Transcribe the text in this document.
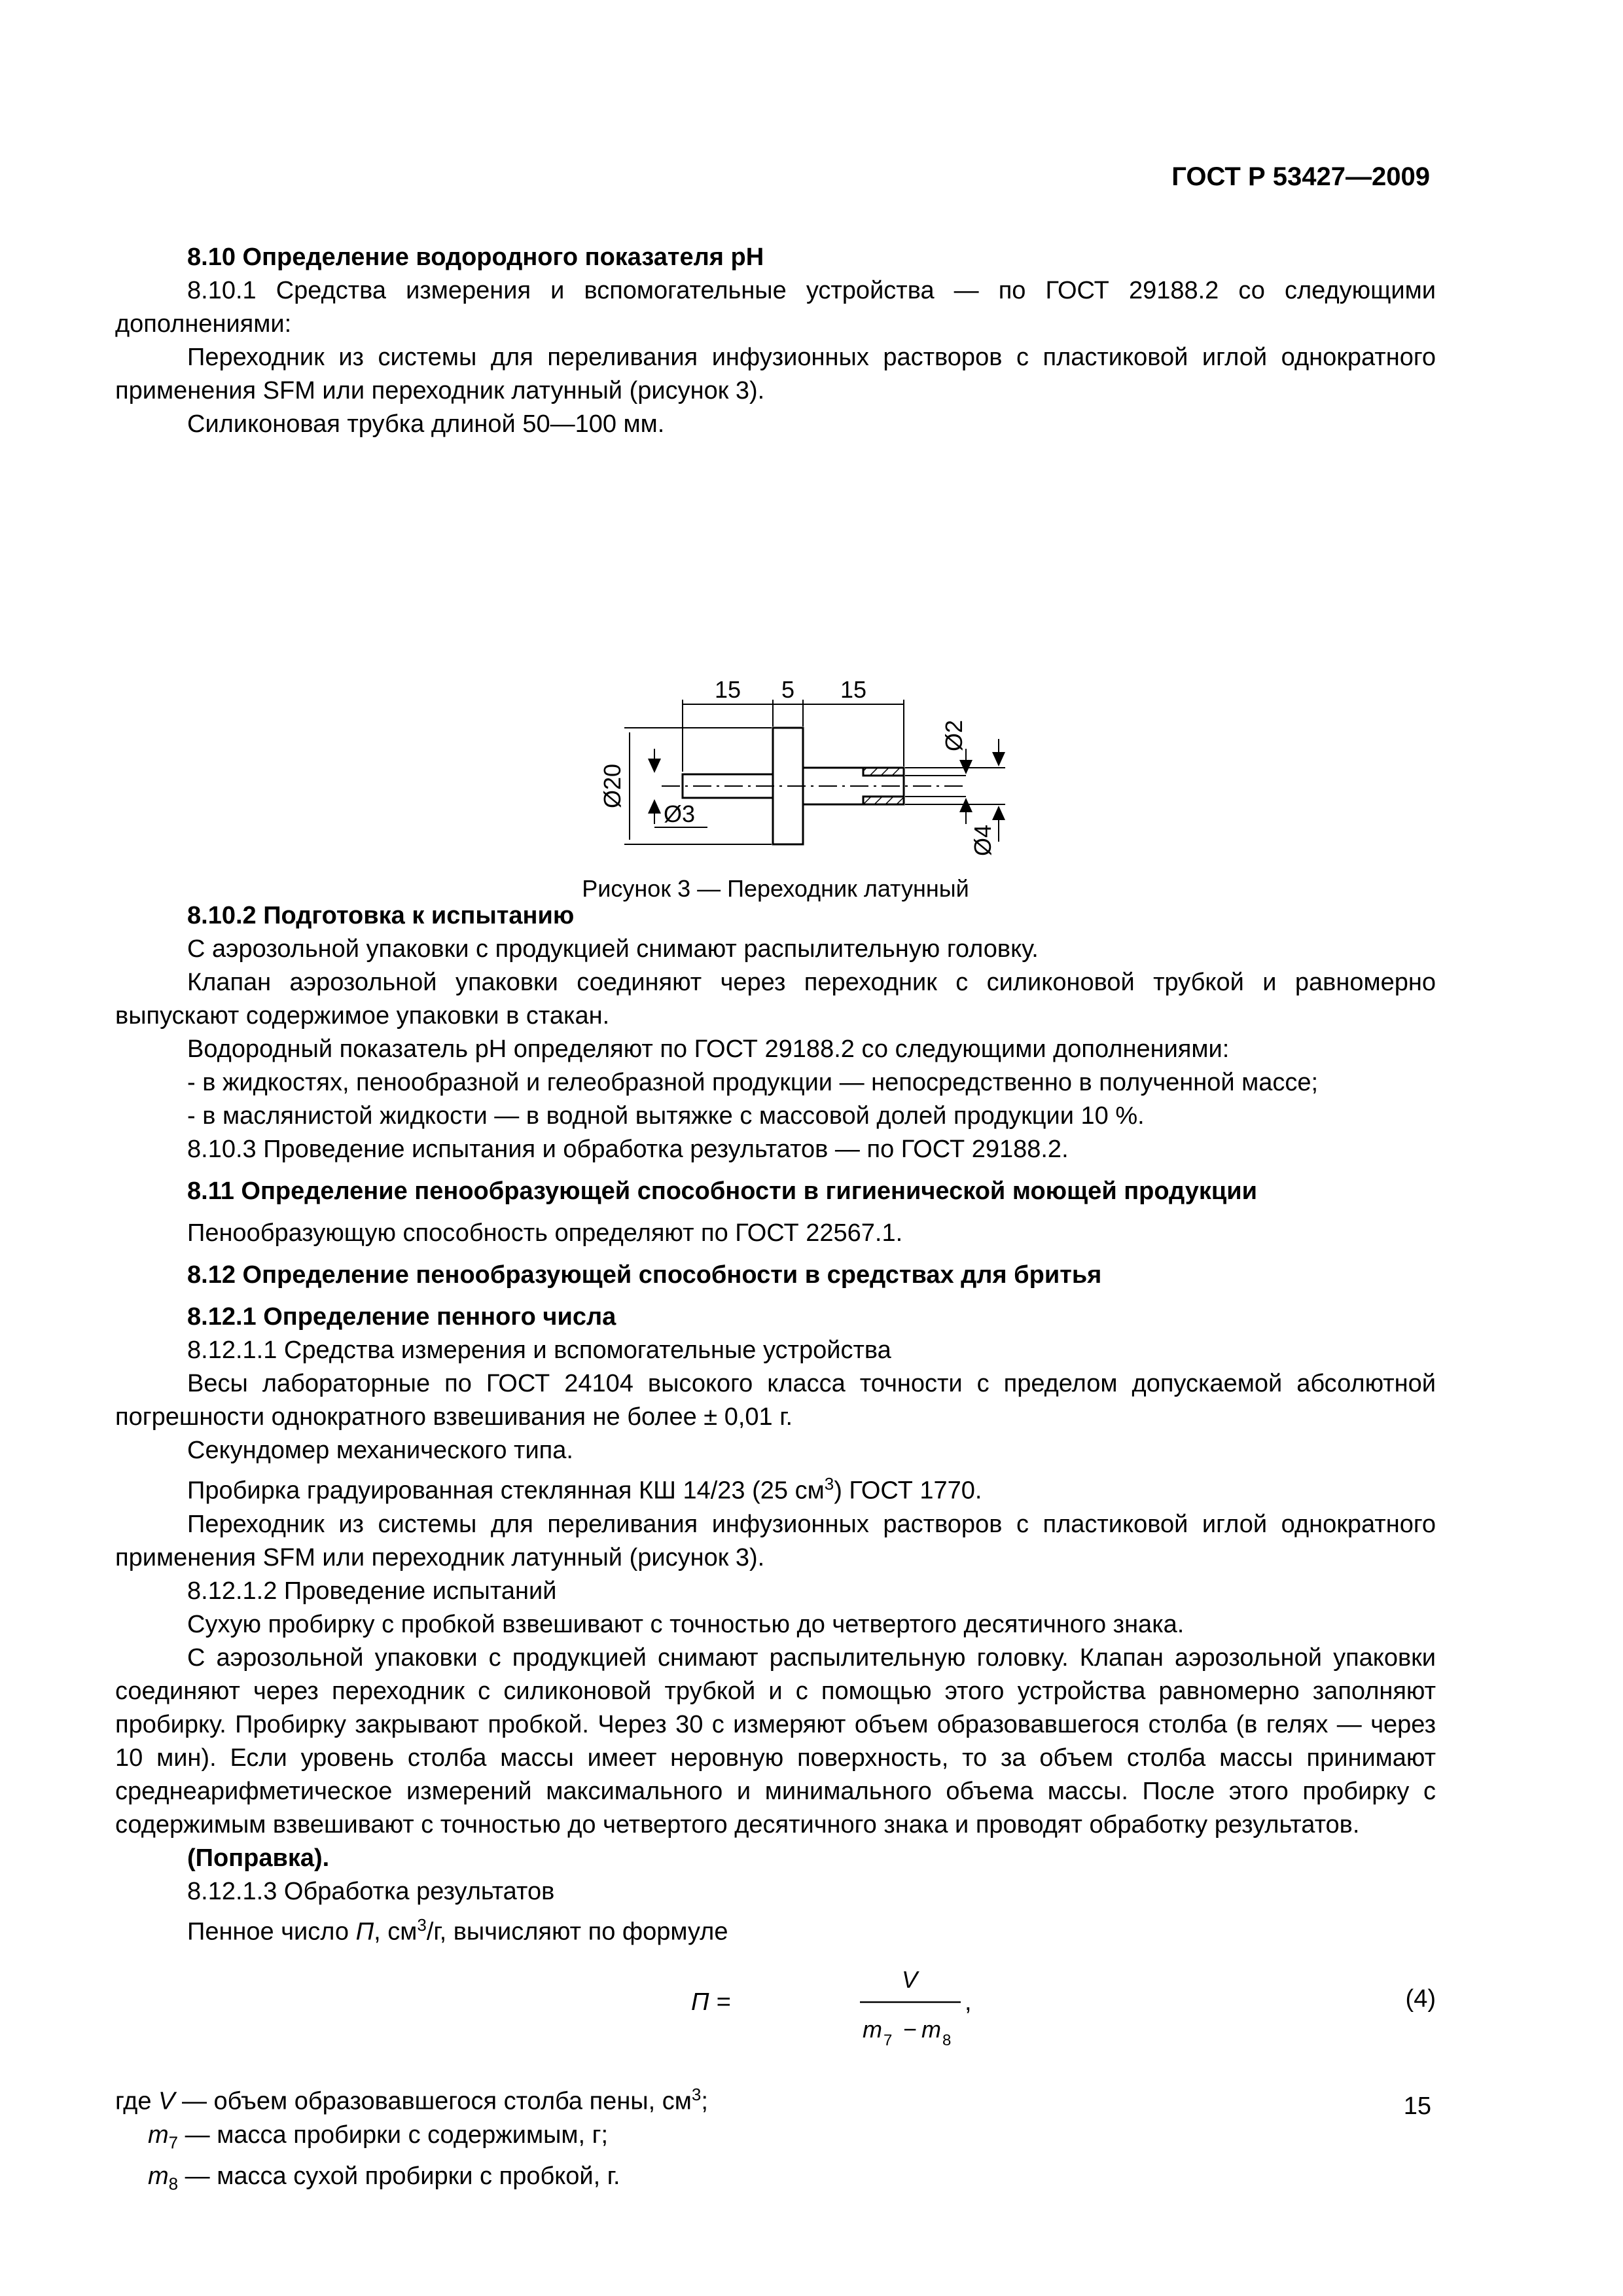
ГОСТ Р 53427—2009
8.10 Определение водородного показателя pH
8.10.1 Средства измерения и вспомогательные устройства — по ГОСТ 29188.2 со следующими дополнениями:
Переходник из системы для переливания инфузионных растворов с пластиковой иглой однократного применения SFM или переходник латунный (рисунок 3).
Силиконовая трубка длиной 50—100 мм.
15 5 15
Ø20
Ø3
Ø2
Ø4
Рисунок 3 — Переходник латунный
8.10.2 Подготовка к испытанию
С аэрозольной упаковки с продукцией снимают распылительную головку.
Клапан аэрозольной упаковки соединяют через переходник с силиконовой трубкой и равномерно выпускают содержимое упаковки в стакан.
Водородный показатель pH определяют по ГОСТ 29188.2 со следующими дополнениями:
- в жидкостях, пенообразной и гелеобразной продукции — непосредственно в полученной массе;
- в маслянистой жидкости — в водной вытяжке с массовой долей продукции 10 %.
8.10.3 Проведение испытания и обработка результатов — по ГОСТ 29188.2.
8.11 Определение пенообразующей способности в гигиенической моющей продукции
Пенообразующую способность определяют по ГОСТ 22567.1.
8.12 Определение пенообразующей способности в средствах для бритья
8.12.1 Определение пенного числа
8.12.1.1 Средства измерения и вспомогательные устройства
Весы лабораторные по ГОСТ 24104 высокого класса точности с пределом допускаемой абсолютной погрешности однократного взвешивания не более ± 0,01 г.
Секундомер механического типа.
Пробирка градуированная стеклянная КШ 14/23 (25 $см^3$) ГОСТ 1770.
Переходник из системы для переливания инфузионных растворов с пластиковой иглой однократного применения SFM или переходник латунный (рисунок 3).
8.12.1.2 Проведение испытаний
Сухую пробирку с пробкой взвешивают с точностью до четвертого десятичного знака.
С аэрозольной упаковки с продукцией снимают распылительную головку. Клапан аэрозольной упаковки соединяют через переходник с силиконовой трубкой и с помощью этого устройства равномерно заполняют пробирку. Пробирку закрывают пробкой. Через 30 с измеряют объем образовавшегося столба (в гелях — через 10 мин). Если уровень столба массы имеет неровную поверхность, то за объем столба массы принимают среднеарифметическое измерений максимального и минимального объема массы. После этого пробирку с содержимым взвешивают с точностью до четвертого десятичного знака и проводят обработку результатов.
(Поправка).
8.12.1.3 Обработка результатов
Пенное число П, $см^3/г$, вычисляют по формуле
П =
V
m 7 − m 8
,	(4)
где V — объем образовавшегося столба пены, $см^3$;
$m_7$ — масса пробирки с содержимым, г;
$m_8$ — масса сухой пробирки с пробкой, г.
15
